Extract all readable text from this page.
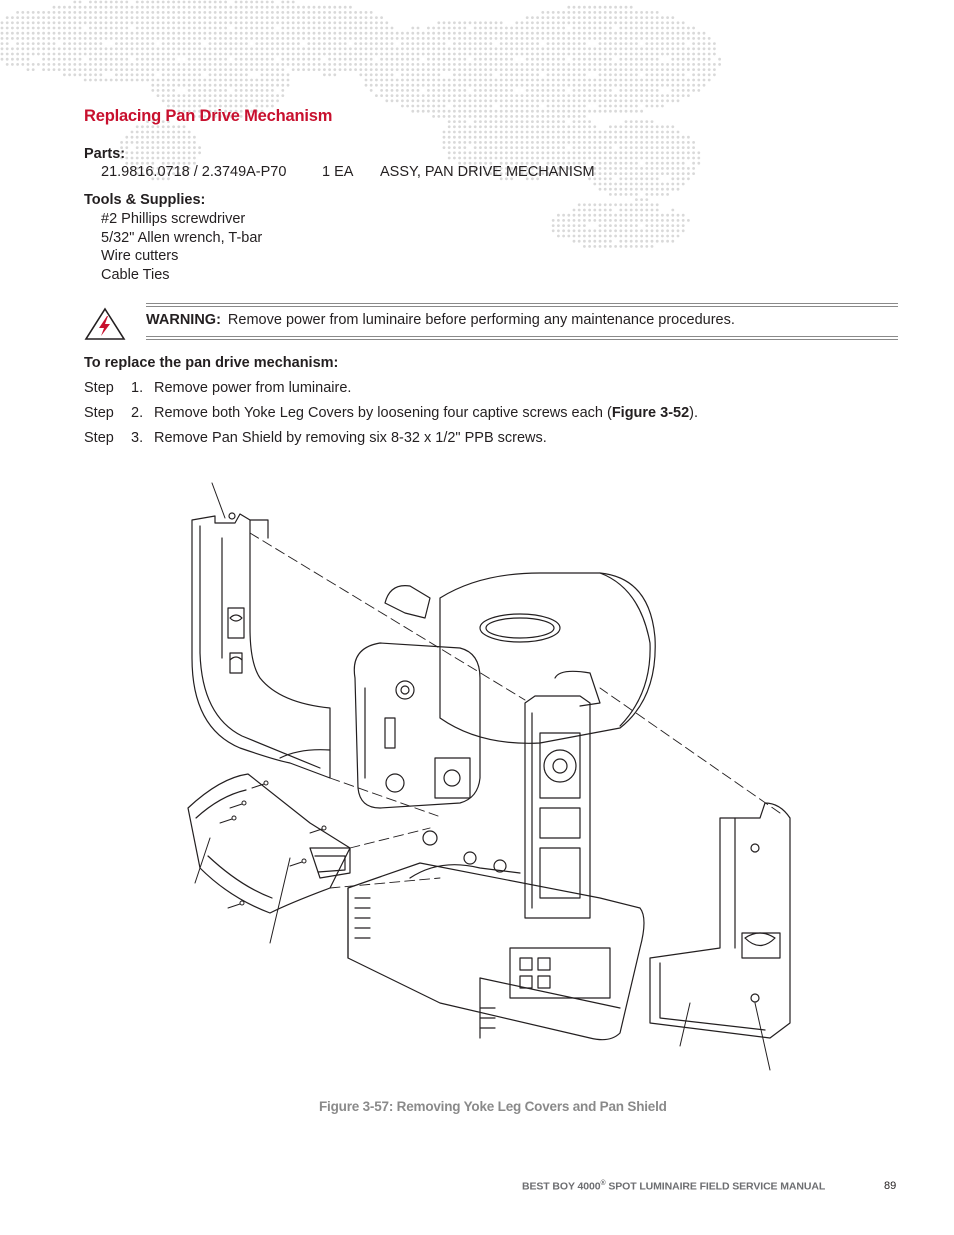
Replacing Pan Drive Mechanism
Parts:
21.9816.0718 / 2.3749A-P70 1 EA ASSY, PAN DRIVE MECHANISM
Tools & Supplies:
#2 Phillips screwdriver
5/32" Allen wrench, T-bar
Wire cutters
Cable Ties
WARNING: Remove power from luminaire before performing any maintenance procedures.
To replace the pan drive mechanism:
Step 1. Remove power from luminaire.
Step 2. Remove both Yoke Leg Covers by loosening four captive screws each (Figure 3-52).
Step 3. Remove Pan Shield by removing six 8-32 x 1/2" PPB screws.
Figure 3-57: Removing Yoke Leg Covers and Pan Shield
BEST BOY 4000® SPOT LUMINAIRE FIELD SERVICE MANUAL	89
